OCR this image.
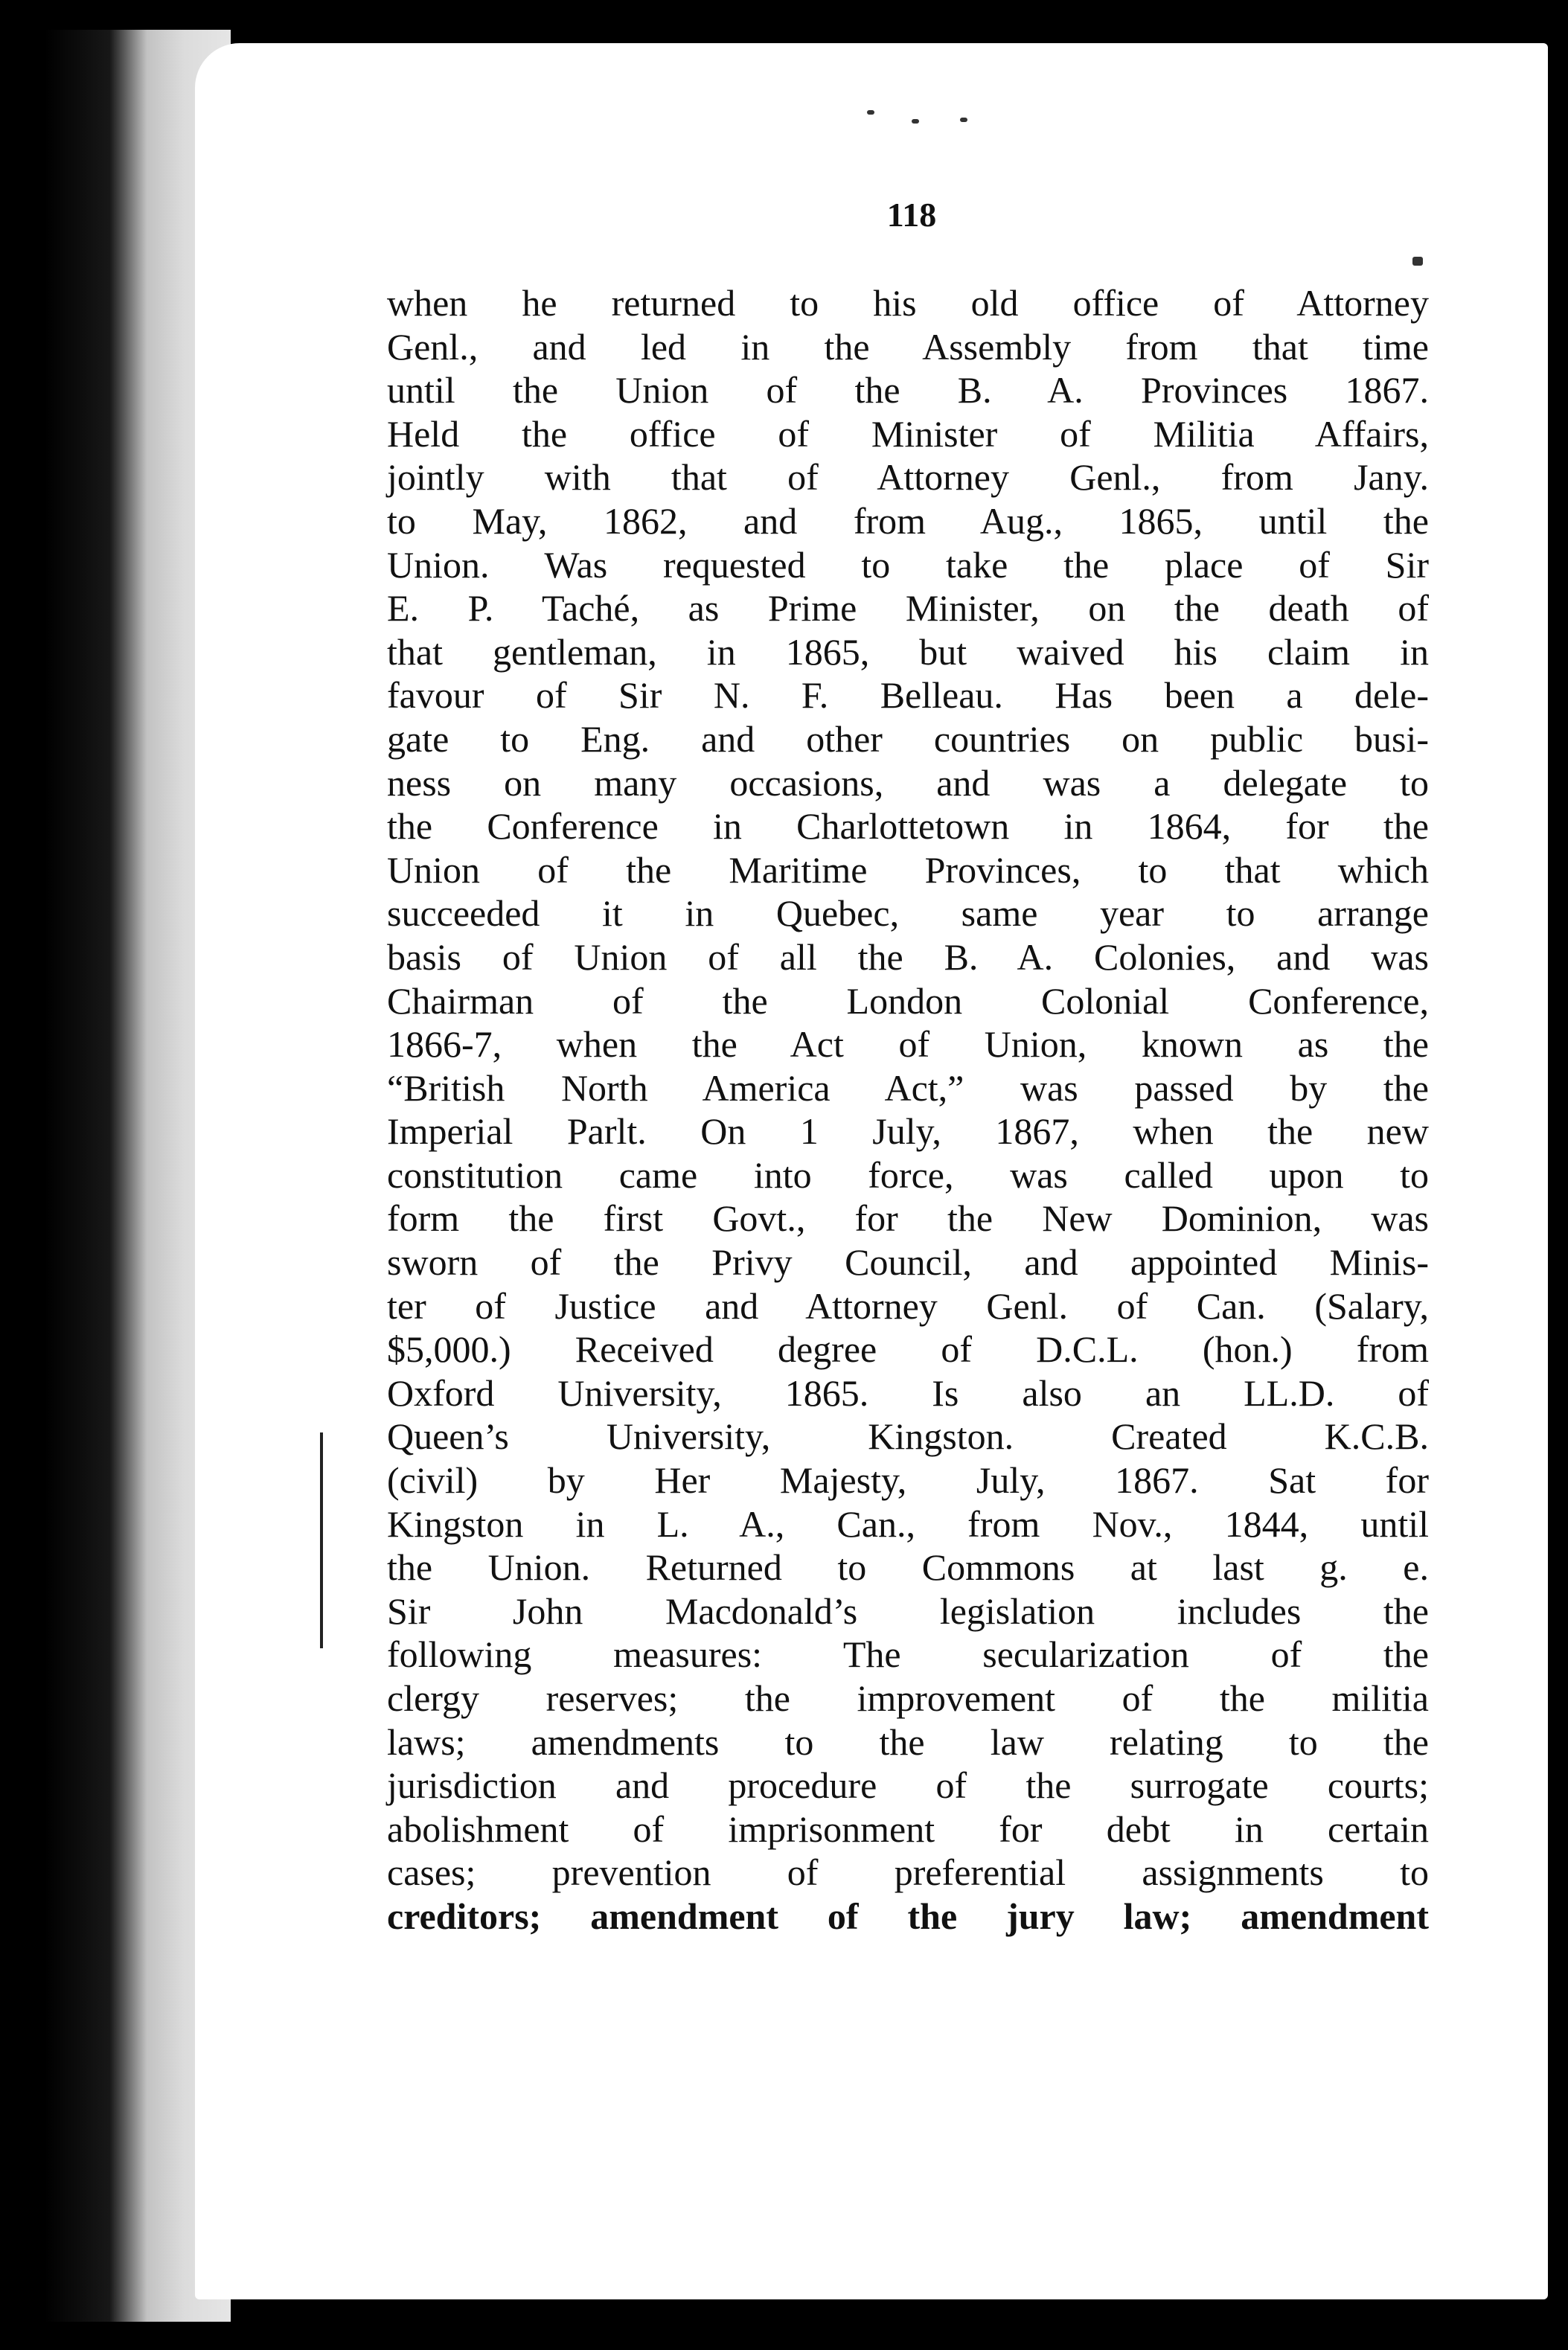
118
when he returned to his old office of Attorney
Genl., and led in the Assembly from that time
until the Union of the B. A. Provinces 1867.
Held the office of Minister of Militia Affairs,
jointly with that of Attorney Genl., from Jany.
to May, 1862, and from Aug., 1865, until the
Union. Was requested to take the place of Sir
E. P. Taché, as Prime Minister, on the death of
that gentleman, in 1865, but waived his claim in
favour of Sir N. F. Belleau. Has been a dele-
gate to Eng. and other countries on public busi-
ness on many occasions, and was a delegate to
the Conference in Charlottetown in 1864, for the
Union of the Maritime Provinces, to that which
succeeded it in Quebec, same year to arrange
basis of Union of all the B. A. Colonies, and was
Chairman of the London Colonial Conference,
1866-7, when the Act of Union, known as the
“British North America Act,” was passed by the
Imperial Parlt. On 1 July, 1867, when the new
constitution came into force, was called upon to
form the first Govt., for the New Dominion, was
sworn of the Privy Council, and appointed Minis-
ter of Justice and Attorney Genl. of Can. (Salary,
$5,000.) Received degree of D.C.L. (hon.) from
Oxford University, 1865. Is also an LL.D. of
Queen’s University, Kingston. Created K.C.B.
(civil) by Her Majesty, July, 1867. Sat for
Kingston in L. A., Can., from Nov., 1844, until
the Union. Returned to Commons at last g. e.
Sir John Macdonald’s legislation includes the
following measures: The secularization of the
clergy reserves; the improvement of the militia
laws; amendments to the law relating to the
jurisdiction and procedure of the surrogate courts;
abolishment of imprisonment for debt in certain
cases; prevention of preferential assignments to
creditors; amendment of the jury law; amendment
